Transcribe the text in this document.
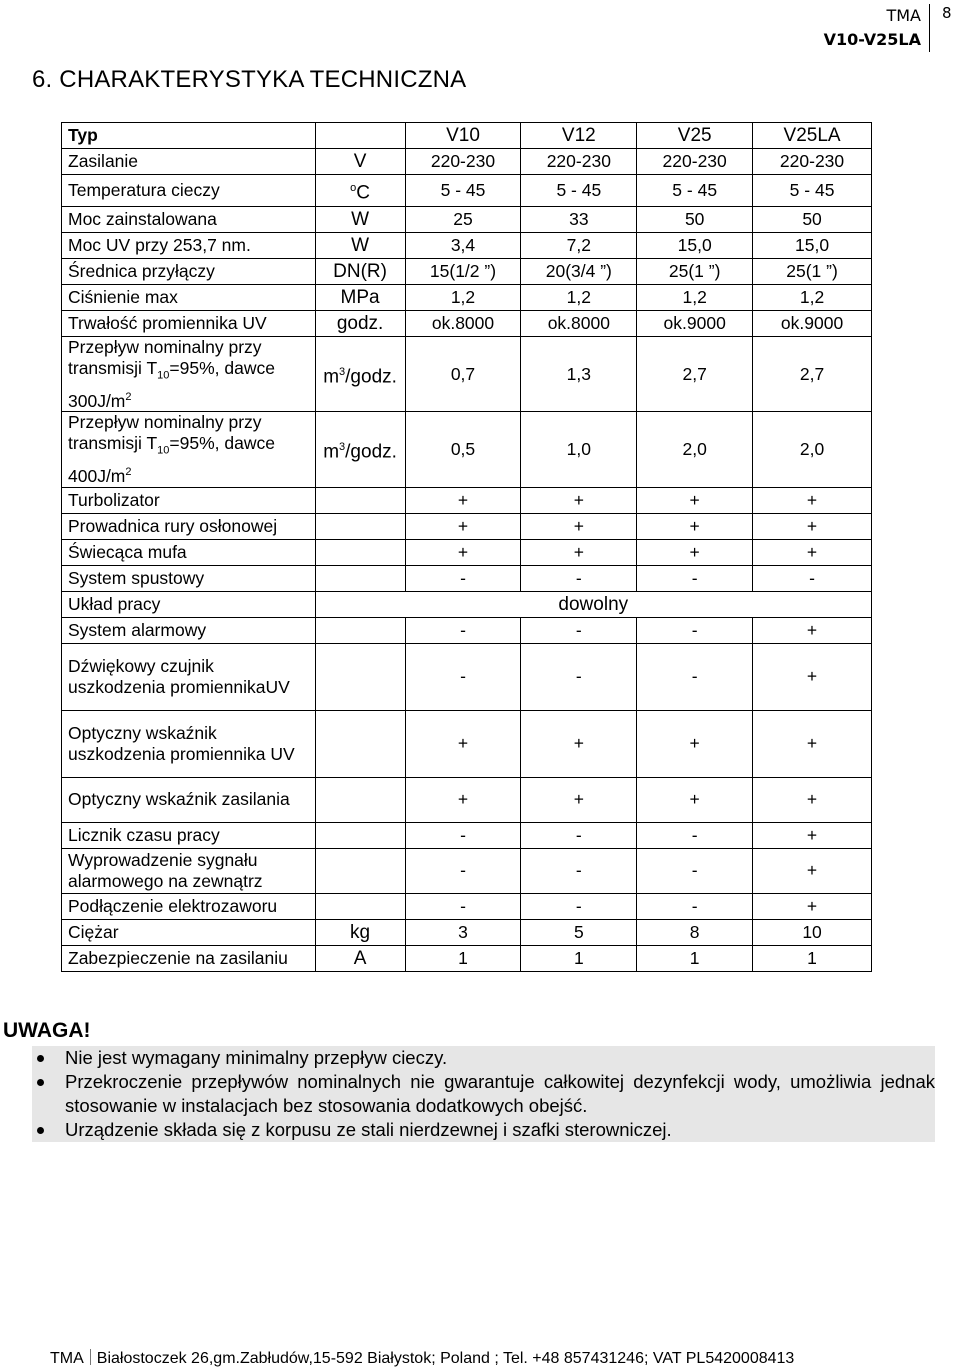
TMA
V10-V25LA
8
6. CHARAKTERYSTYKA TECHNICZNA
Typ		V10	V12	V25	V25LA
Zasilanie	V	220-230	220-230	220-230	220-230
Temperatura cieczy	$^o$C	5 - 45	5 - 45	5 - 45	5 - 45
Moc zainstalowana	W	25	33	50	50
Moc UV przy 253,7 nm.	W	3,4	7,2	15,0	15,0
Średnica przyłączy	DN(R)	15(1/2 ”)	20(3/4 ”)	25(1 ”)	25(1 ”)
Ciśnienie max	MPa	1,2	1,2	1,2	1,2
Trwałość promiennika UV	godz.	ok.8000	ok.8000	ok.9000	ok.9000
Przepływ nominalny przy transmisji $T_{10}=95\%$, dawce $300J/m^2$	$m^3$/godz.	0,7	1,3	2,7	2,7
Przepływ nominalny przy transmisji $T_{10}=95\%$, dawce $400J/m^2$	$m^3$/godz.	0,5	1,0	2,0	2,0
Turbolizator		+	+	+	+
Prowadnica rury osłonowej		+	+	+	+
Świecąca mufa		+	+	+	+
System spustowy		-	-	-	-
Układ pracy	dowolny				
System alarmowy		-	-	-	+
Dźwiękowy czujnik uszkodzenia promiennikaUV		-	-	-	+
Optyczny wskaźnik uszkodzenia promiennika UV		+	+	+	+
Optyczny wskaźnik zasilania		+	+	+	+
Licznik czasu pracy		-	-	-	+
Wyprowadzenie sygnału alarmowego na zewnątrz		-	-	-	+
Podłączenie elektrozaworu		-	-	-	+
Ciężar	kg	3	5	8	10
Zabezpieczenie na zasilaniu	A	1	1	1	1
UWAGA!
Nie jest wymagany minimalny przepływ cieczy.
Przekroczenie przepływów nominalnych nie gwarantuje całkowitej dezynfekcji wody, umożliwia jednak stosowanie w instalacjach bez stosowania dodatkowych obejść.
Urządzenie składa się z korpusu ze stali nierdzewnej i szafki sterowniczej.
TMA Białostoczek 26,gm.Zabłudów,15-592 Białystok; Poland ; Tel. +48 857431246; VAT PL5420008413
